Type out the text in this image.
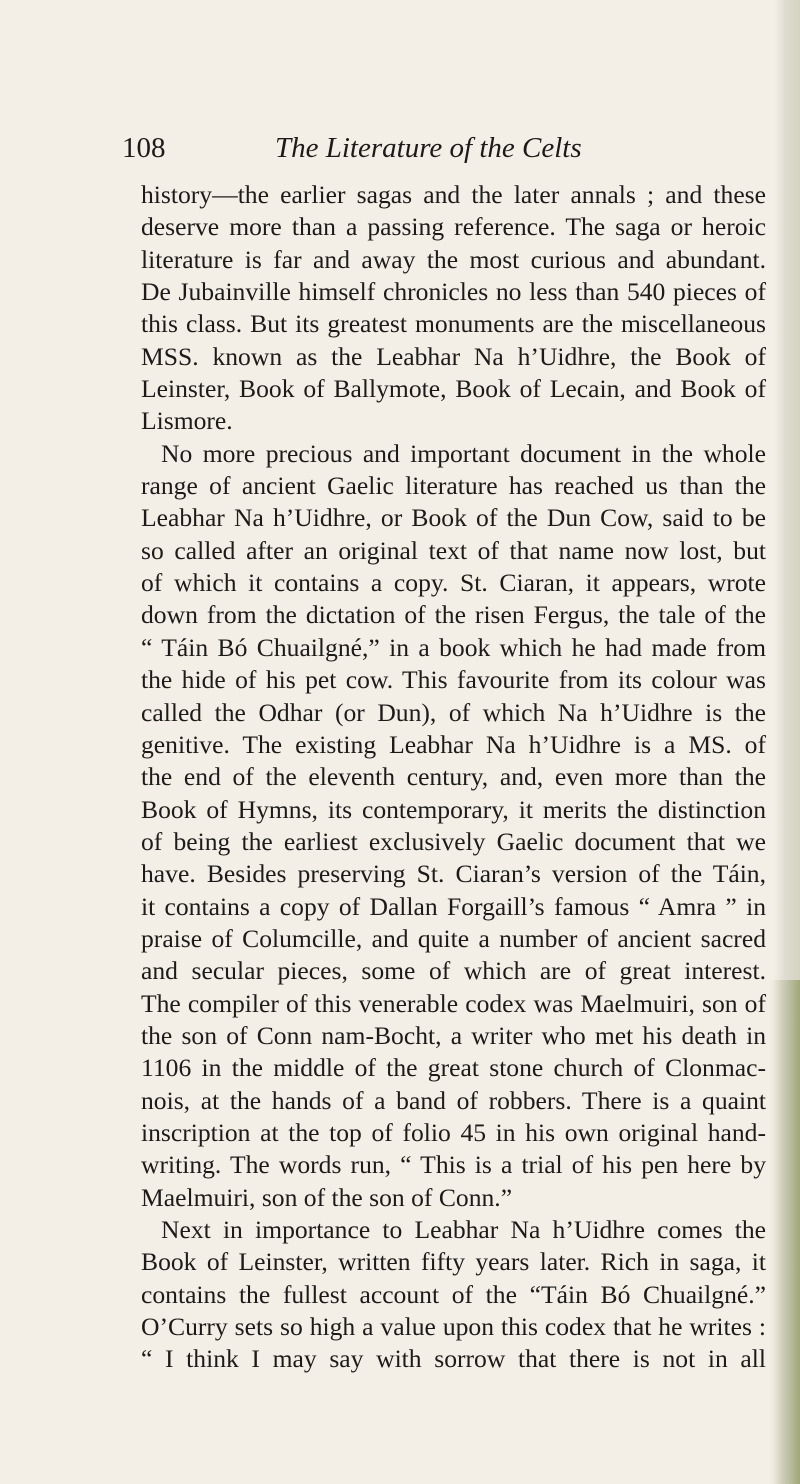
108	The Literature of the Celts
history—the earlier sagas and the later annals ; and these
deserve more than a passing reference. The saga or heroic
literature is far and away the most curious and abundant.
De Jubainville himself chronicles no less than 540 pieces of
this class. But its greatest monuments are the miscellaneous
MSS. known as the Leabhar Na h’Uidhre, the Book of
Leinster, Book of Ballymote, Book of Lecain, and Book of
Lismore.
No more precious and important document in the whole
range of ancient Gaelic literature has reached us than the
Leabhar Na h’Uidhre, or Book of the Dun Cow, said to be
so called after an original text of that name now lost, but
of which it contains a copy. St. Ciaran, it appears, wrote
down from the dictation of the risen Fergus, the tale of the
“ Táin Bó Chuailgné,” in a book which he had made from
the hide of his pet cow. This favourite from its colour was
called the Odhar (or Dun), of which Na h’Uidhre is the
genitive. The existing Leabhar Na h’Uidhre is a MS. of
the end of the eleventh century, and, even more than the
Book of Hymns, its contemporary, it merits the distinction
of being the earliest exclusively Gaelic document that we
have. Besides preserving St. Ciaran’s version of the Táin,
it contains a copy of Dallan Forgaill’s famous “ Amra ” in
praise of Columcille, and quite a number of ancient sacred
and secular pieces, some of which are of great interest.
The compiler of this venerable codex was Maelmuiri, son of
the son of Conn nam-Bocht, a writer who met his death in
1106 in the middle of the great stone church of Clonmac-
nois, at the hands of a band of robbers. There is a quaint
inscription at the top of folio 45 in his own original hand-
writing. The words run, “ This is a trial of his pen here by
Maelmuiri, son of the son of Conn.”
Next in importance to Leabhar Na h’Uidhre comes the
Book of Leinster, written fifty years later. Rich in saga, it
contains the fullest account of the “Táin Bó Chuailgné.”
O’Curry sets so high a value upon this codex that he writes :
“ I think I may say with sorrow that there is not in all
